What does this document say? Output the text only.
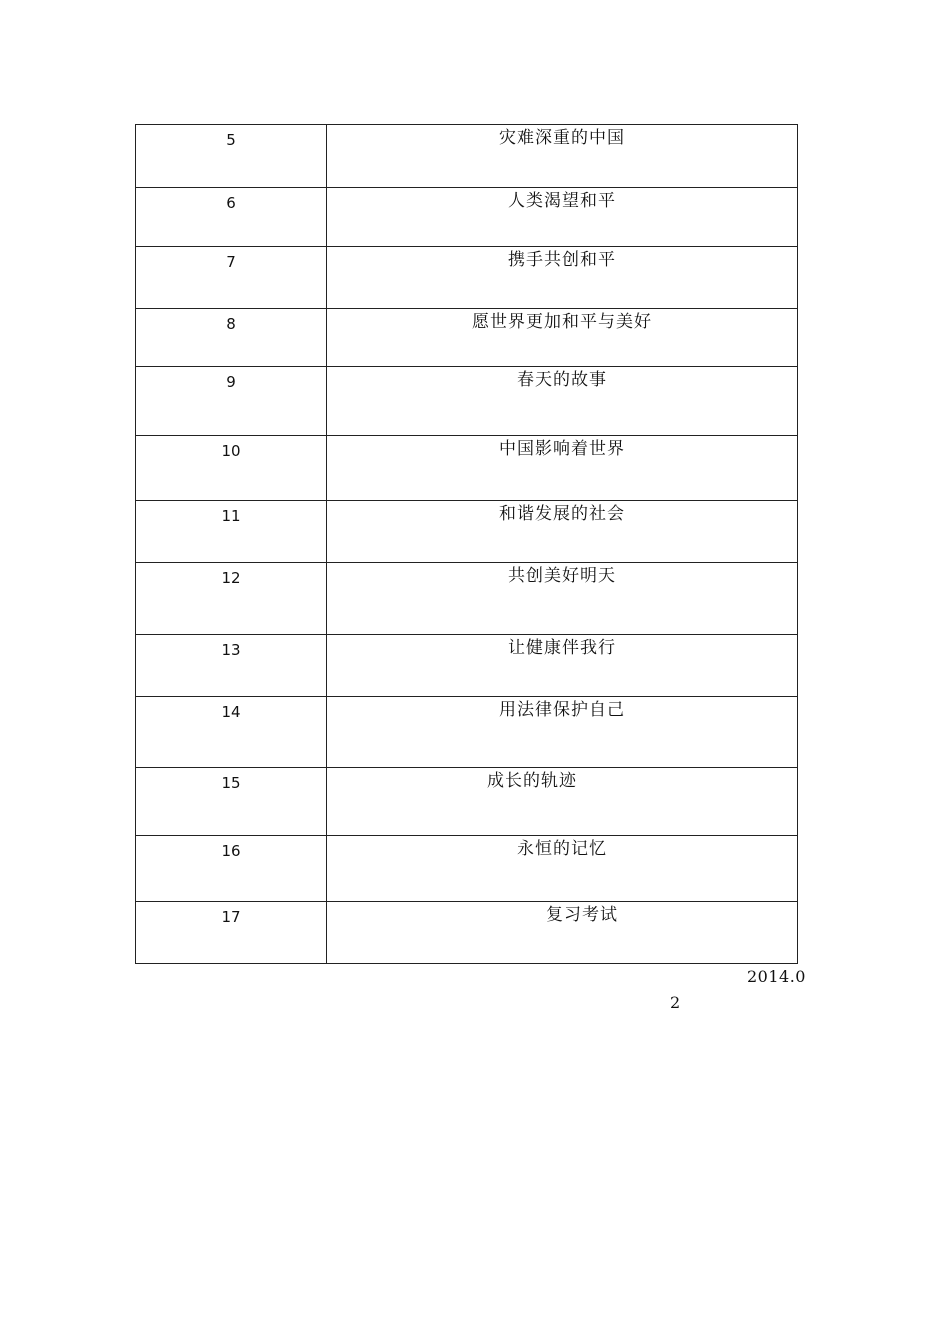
5	灾难深重的中国
6	人类渴望和平
7	携手共创和平
8	愿世界更加和平与美好
9	春天的故事
10	中国影响着世界
11	和谐发展的社会
12	共创美好明天
13	让健康伴我行
14	用法律保护自己
15	成长的轨迹
16	永恒的记忆
17	复习考试
2014.0
2
